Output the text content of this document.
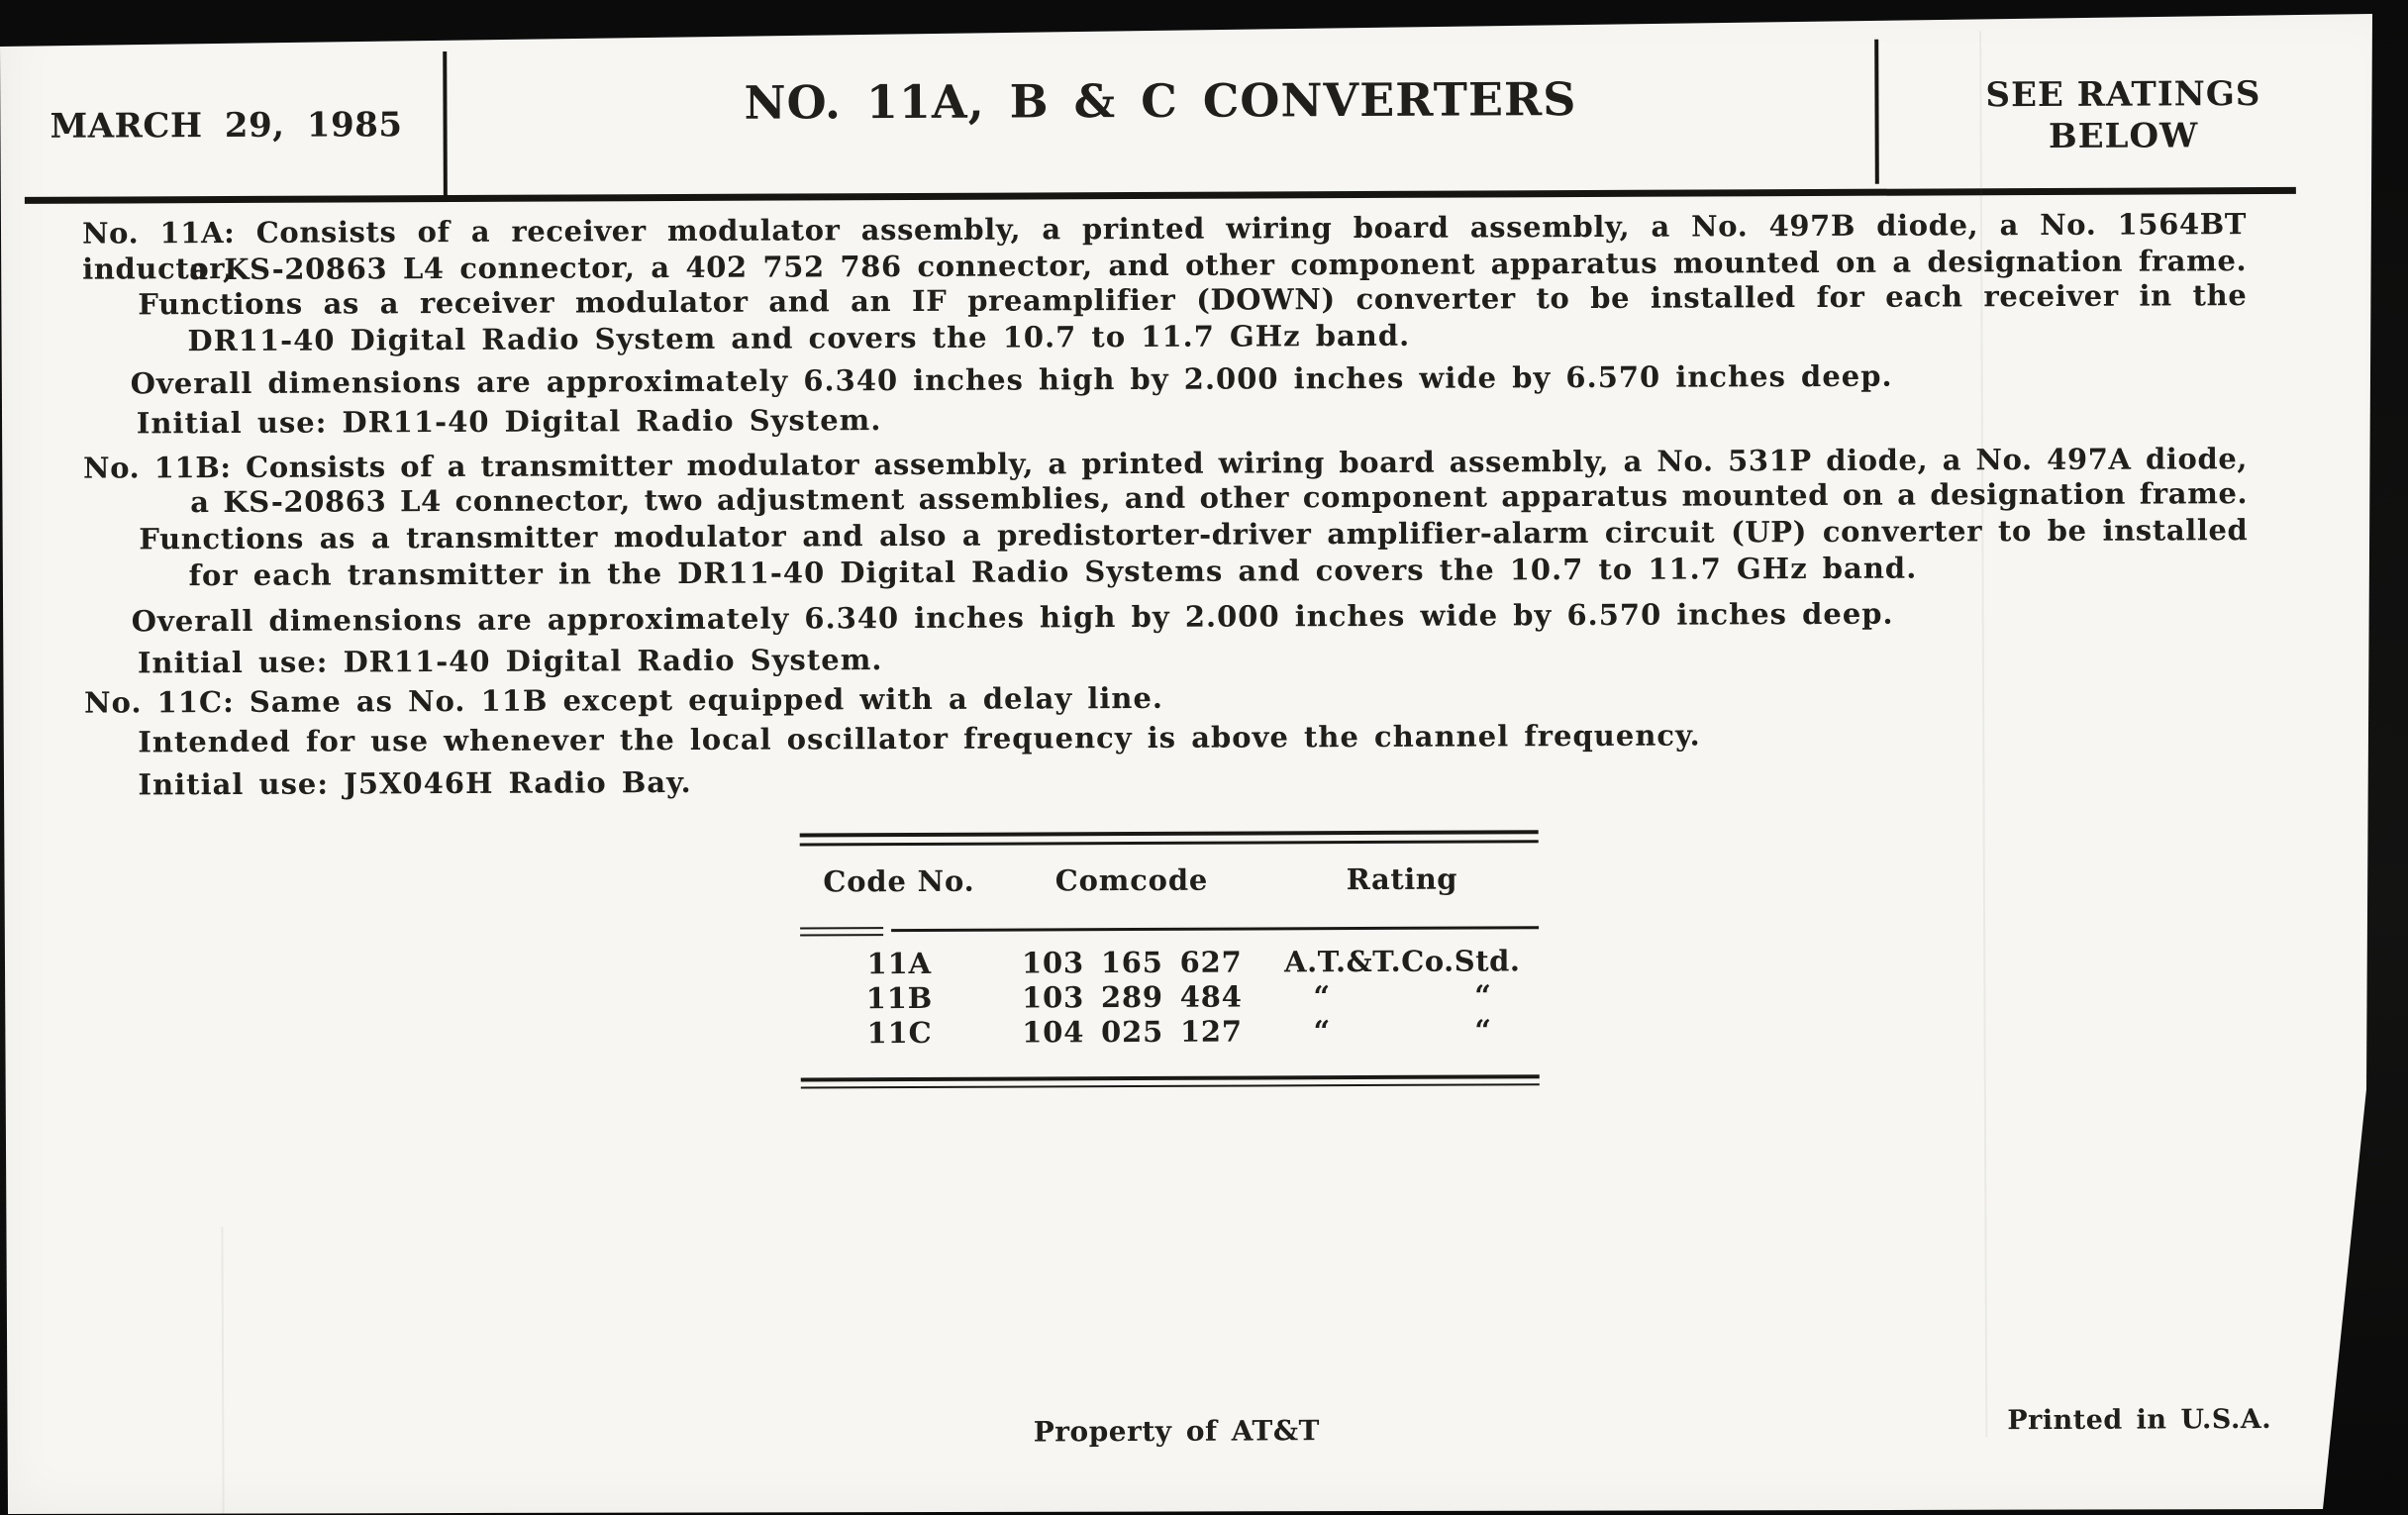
MARCH 29, 1985	NO. 11A, B & C CONVERTERS	SEE RATINGS
BELOW
No. 11A: Consists of a receiver modulator assembly, a printed wiring board assembly, a No. 497B diode, a No. 1564BT inductor,
a KS-20863 L4 connector, a 402 752 786 connector, and other component apparatus mounted on a designation frame.
Functions as a receiver modulator and an IF preamplifier (DOWN) converter to be installed for each receiver in the
DR11-40 Digital Radio System and covers the 10.7 to 11.7 GHz band.
Overall dimensions are approximately 6.340 inches high by 2.000 inches wide by 6.570 inches deep.
Initial use: DR11-40 Digital Radio System.
No. 11B: Consists of a transmitter modulator assembly, a printed wiring board assembly, a No. 531P diode, a No. 497A diode,
a KS-20863 L4 connector, two adjustment assemblies, and other component apparatus mounted on a designation frame.
Functions as a transmitter modulator and also a predistorter-driver amplifier-alarm circuit (UP) converter to be installed
for each transmitter in the DR11-40 Digital Radio Systems and covers the 10.7 to 11.7 GHz band.
Overall dimensions are approximately 6.340 inches high by 2.000 inches wide by 6.570 inches deep.
Initial use: DR11-40 Digital Radio System.
No. 11C: Same as No. 11B except equipped with a delay line.
Intended for use whenever the local oscillator frequency is above the channel frequency.
Initial use: J5X046H Radio Bay.
Code No.	Comcode	Rating
11A	103 165 627	A.T.&T.Co.Std.
11B	103 289 484	“	“
11C	104 025 127	“	“
Property of AT&T	Printed in U.S.A.
